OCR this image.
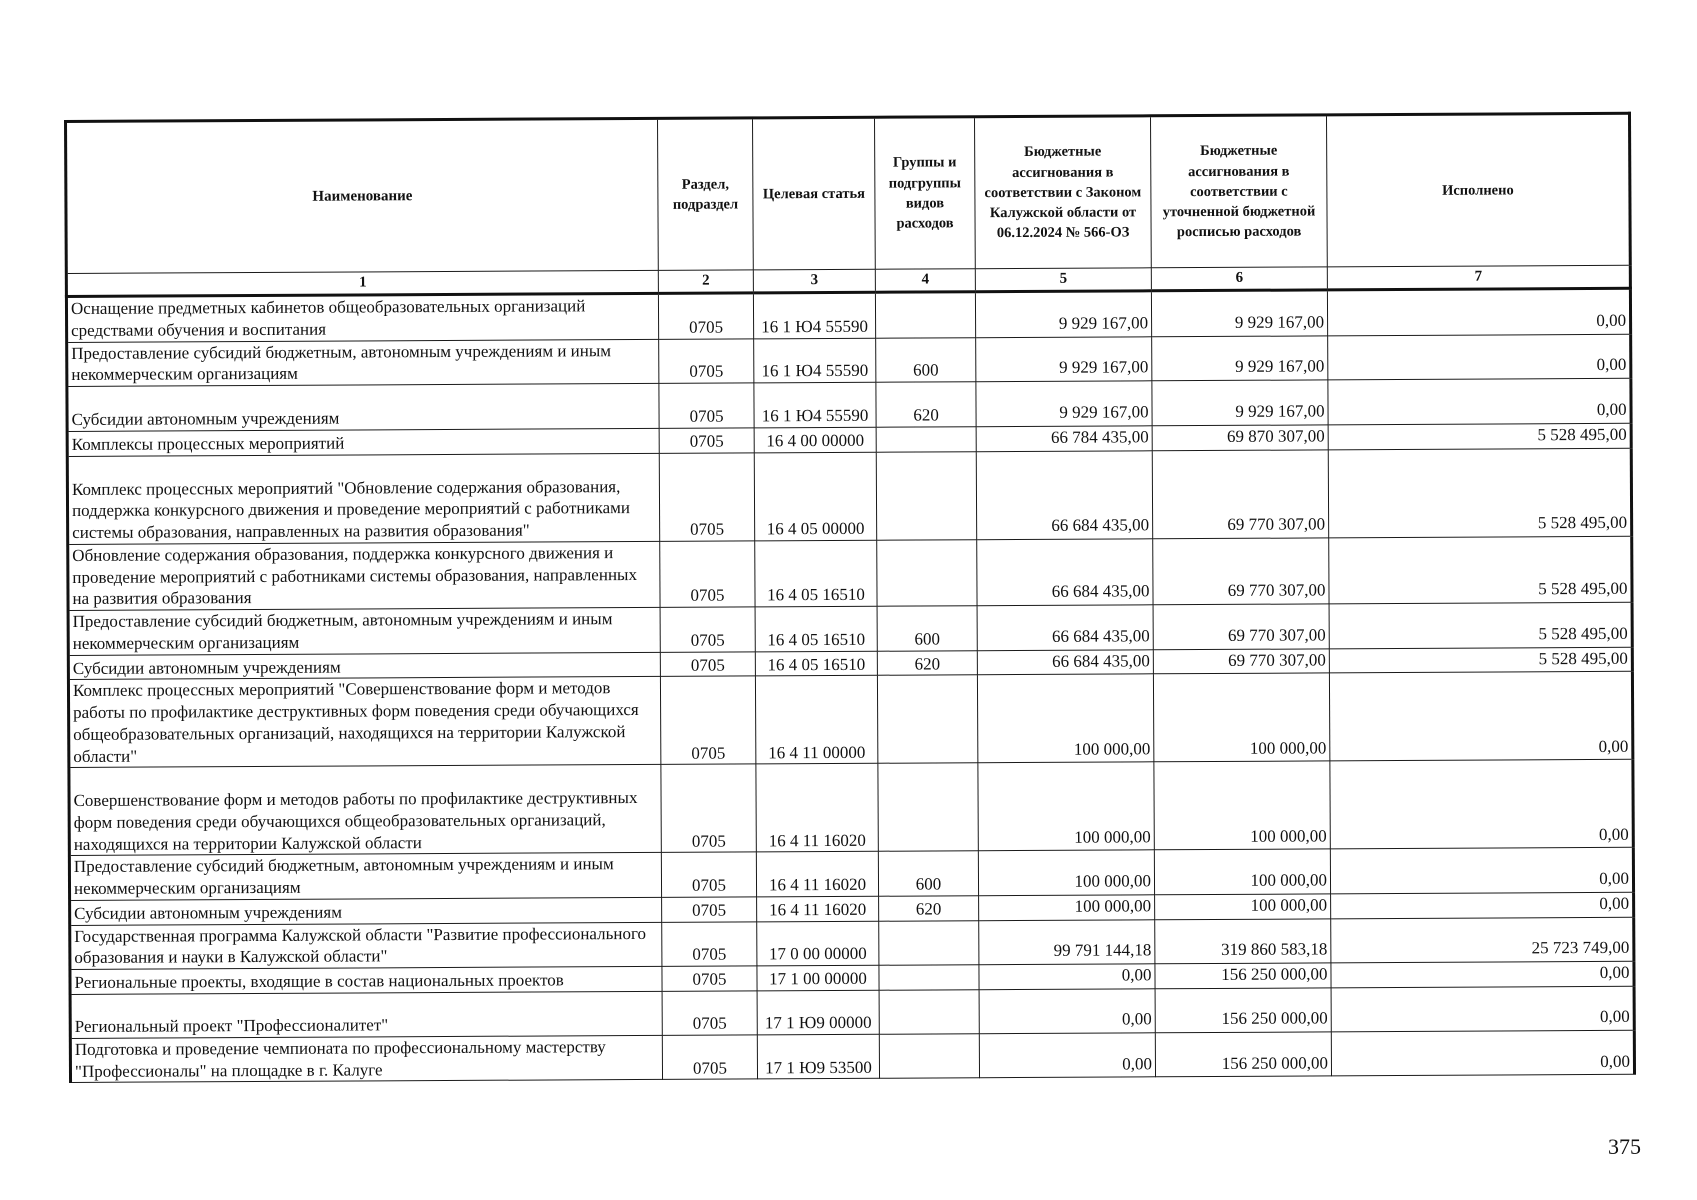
Наименование	Раздел, подраздел	Целевая статья	Группы и подгруппы видов расходов	Бюджетные ассигнования в соответствии с Законом Калужской области от 06.12.2024 № 566-ОЗ	Бюджетные ассигнования в соответствии с уточненной бюджетной росписью расходов	Исполнено
1	2	3	4	5	6	7
Оснащение предметных кабинетов общеобразовательных организаций средствами обучения и воспитания	0705	16 1 Ю4 55590		9 929 167,00	9 929 167,00	0,00
Предоставление субсидий бюджетным, автономным учреждениям и иным некоммерческим организациям	0705	16 1 Ю4 55590	600	9 929 167,00	9 929 167,00	0,00
Субсидии автономным учреждениям	0705	16 1 Ю4 55590	620	9 929 167,00	9 929 167,00	0,00
Комплексы процессных мероприятий	0705	16 4 00 00000		66 784 435,00	69 870 307,00	5 528 495,00
Комплекс процессных мероприятий "Обновление содержания образования, поддержка конкурсного движения и проведение мероприятий с работниками системы образования, направленных на развития образования"	0705	16 4 05 00000		66 684 435,00	69 770 307,00	5 528 495,00
Обновление содержания образования, поддержка конкурсного движения и проведение мероприятий с работниками системы образования, направленных на развития образования	0705	16 4 05 16510		66 684 435,00	69 770 307,00	5 528 495,00
Предоставление субсидий бюджетным, автономным учреждениям и иным некоммерческим организациям	0705	16 4 05 16510	600	66 684 435,00	69 770 307,00	5 528 495,00
Субсидии автономным учреждениям	0705	16 4 05 16510	620	66 684 435,00	69 770 307,00	5 528 495,00
Комплекс процессных мероприятий "Совершенствование форм и методов работы по профилактике деструктивных форм поведения среди обучающихся общеобразовательных организаций, находящихся на территории Калужской области"	0705	16 4 11 00000		100 000,00	100 000,00	0,00
Совершенствование форм и методов работы по профилактике деструктивных форм поведения среди обучающихся общеобразовательных организаций, находящихся на территории Калужской области	0705	16 4 11 16020		100 000,00	100 000,00	0,00
Предоставление субсидий бюджетным, автономным учреждениям и иным некоммерческим организациям	0705	16 4 11 16020	600	100 000,00	100 000,00	0,00
Субсидии автономным учреждениям	0705	16 4 11 16020	620	100 000,00	100 000,00	0,00
Государственная программа Калужской области "Развитие профессионального образования и науки в Калужской области"	0705	17 0 00 00000		99 791 144,18	319 860 583,18	25 723 749,00
Региональные проекты, входящие в состав национальных проектов	0705	17 1 00 00000		0,00	156 250 000,00	0,00
Региональный проект "Профессионалитет"	0705	17 1 Ю9 00000		0,00	156 250 000,00	0,00
Подготовка и проведение чемпионата по профессиональному мастерству "Профессионалы" на площадке в г. Калуге	0705	17 1 Ю9 53500		0,00	156 250 000,00	0,00
375
